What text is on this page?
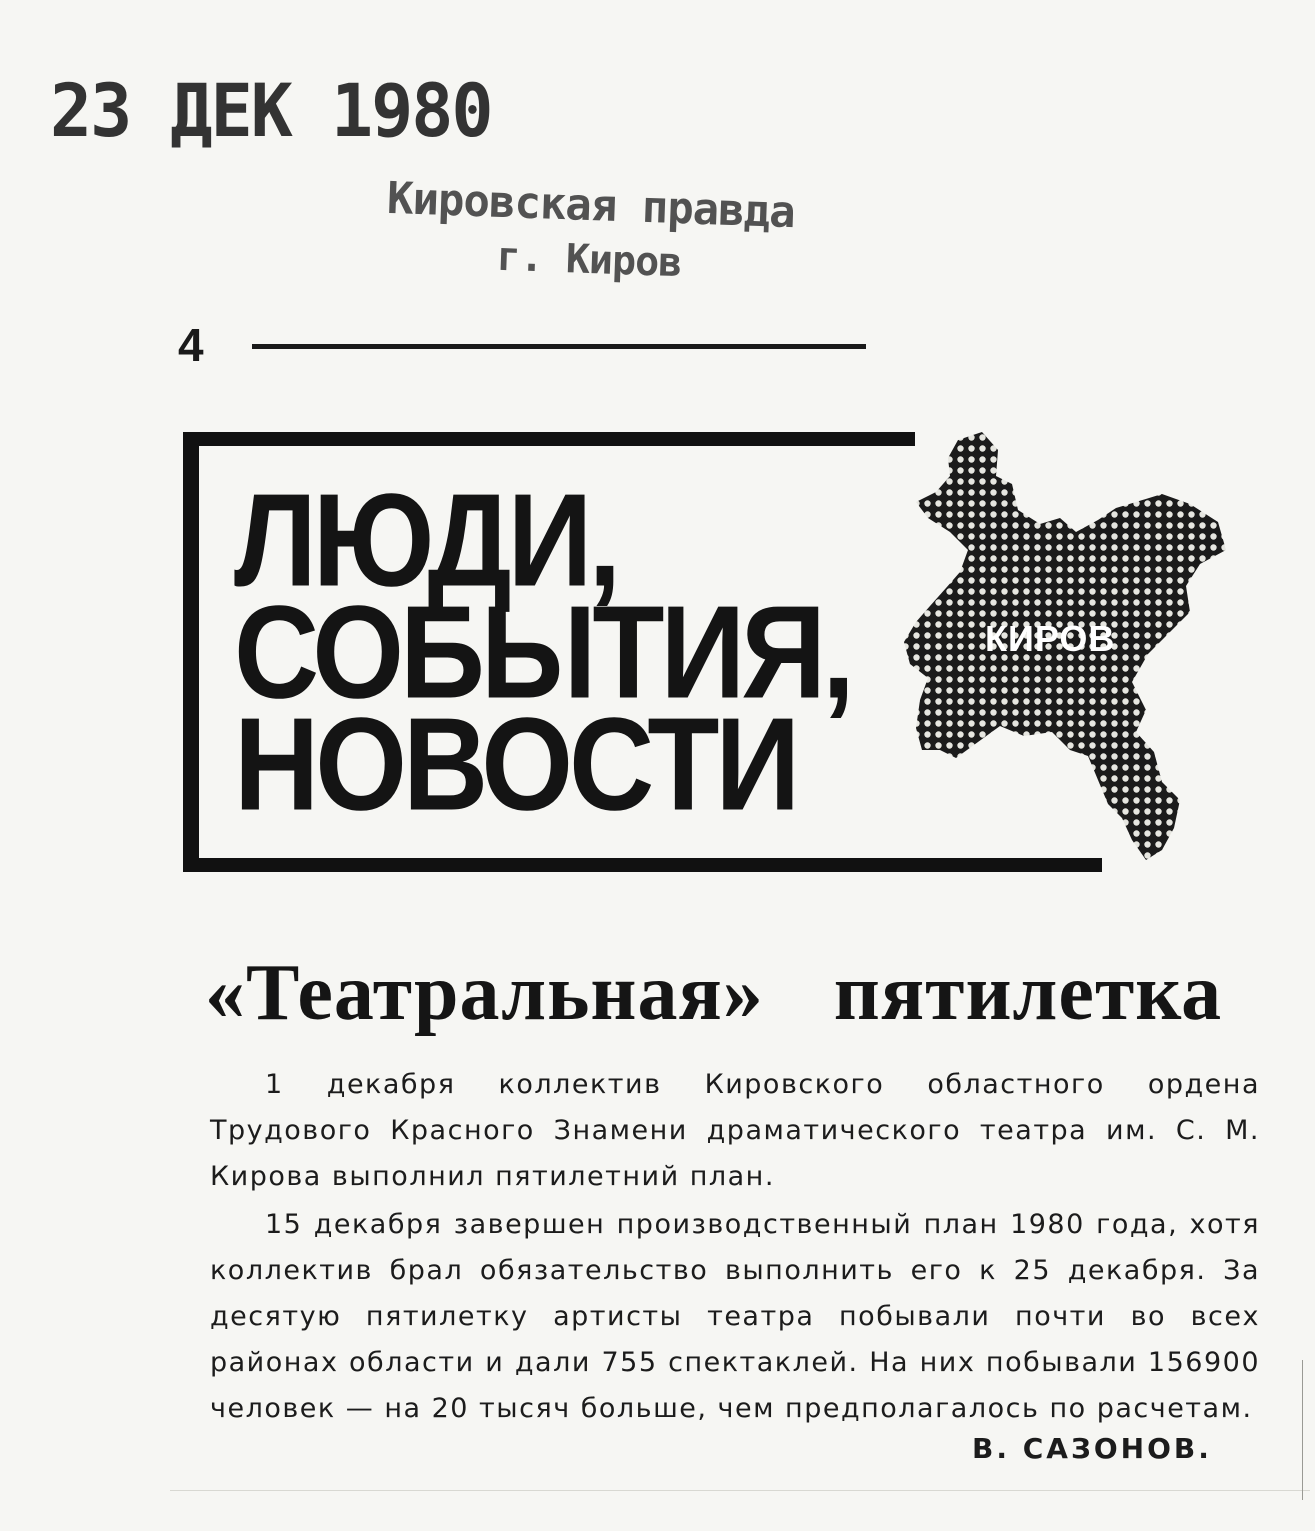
23 ДЕК 1980
Кировская правда
г. Киров
4
ЛЮДИ,
СОБЫТИЯ,
НОВОСТИ
КИРОВ
«Театральная» пятилетка

1 декабря коллектив Кировского областного ордена Трудового Красного Знамени драматического театра им. С. М. Кирова выполнил пятилетний план.

15 декабря завершен производственный план 1980 года, хотя коллектив брал обязательство выполнить его к 25 декабря. За десятую пятилетку артисты театра побывали почти во всех районах области и дали 755 спектаклей. На них побывали 156900 человек — на 20 тысяч больше, чем предполагалось по расчетам.

В. САЗОНОВ.
